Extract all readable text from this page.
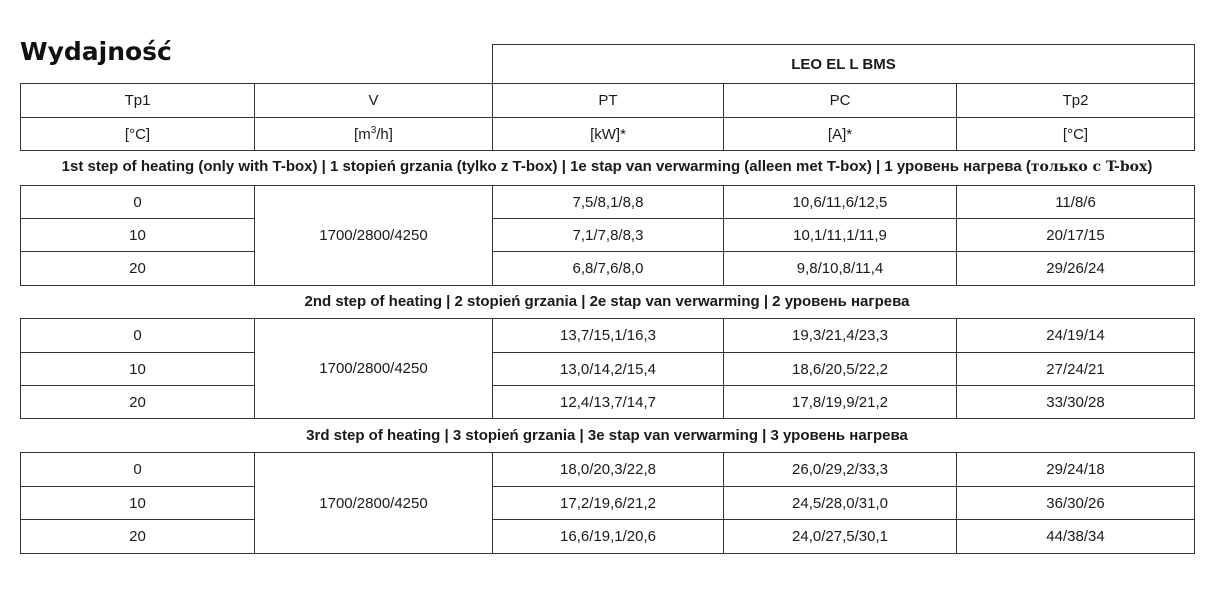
Wydajność
		LEO EL L BMS		
Tp1	V	PT	PC	Tp2
[°C]	$[m^3/h]$	[kW]*	[A]*	[°C]
1st step of heating (only with T-box) | 1 stopień grzania (tylko z T-box) | 1e stap van verwarming (alleen met T-box) | 1 уровень нагрева (только с T-box)
0	1700/2800/4250	7,5/8,1/8,8	10,6/11,6/12,5	11/8/6
10		7,1/7,8/8,3	10,1/11,1/11,9	20/17/15
20		6,8/7,6/8,0	9,8/10,8/11,4	29/26/24
2nd step of heating | 2 stopień grzania | 2e stap van verwarming | 2 уровень нагрева
0	1700/2800/4250	13,7/15,1/16,3	19,3/21,4/23,3	24/19/14
10		13,0/14,2/15,4	18,6/20,5/22,2	27/24/21
20		12,4/13,7/14,7	17,8/19,9/21,2	33/30/28
3rd step of heating | 3 stopień grzania | 3e stap van verwarming | 3 уровень нагрева
0	1700/2800/4250	18,0/20,3/22,8	26,0/29,2/33,3	29/24/18
10		17,2/19,6/21,2	24,5/28,0/31,0	36/30/26
20		16,6/19,1/20,6	24,0/27,5/30,1	44/38/34
